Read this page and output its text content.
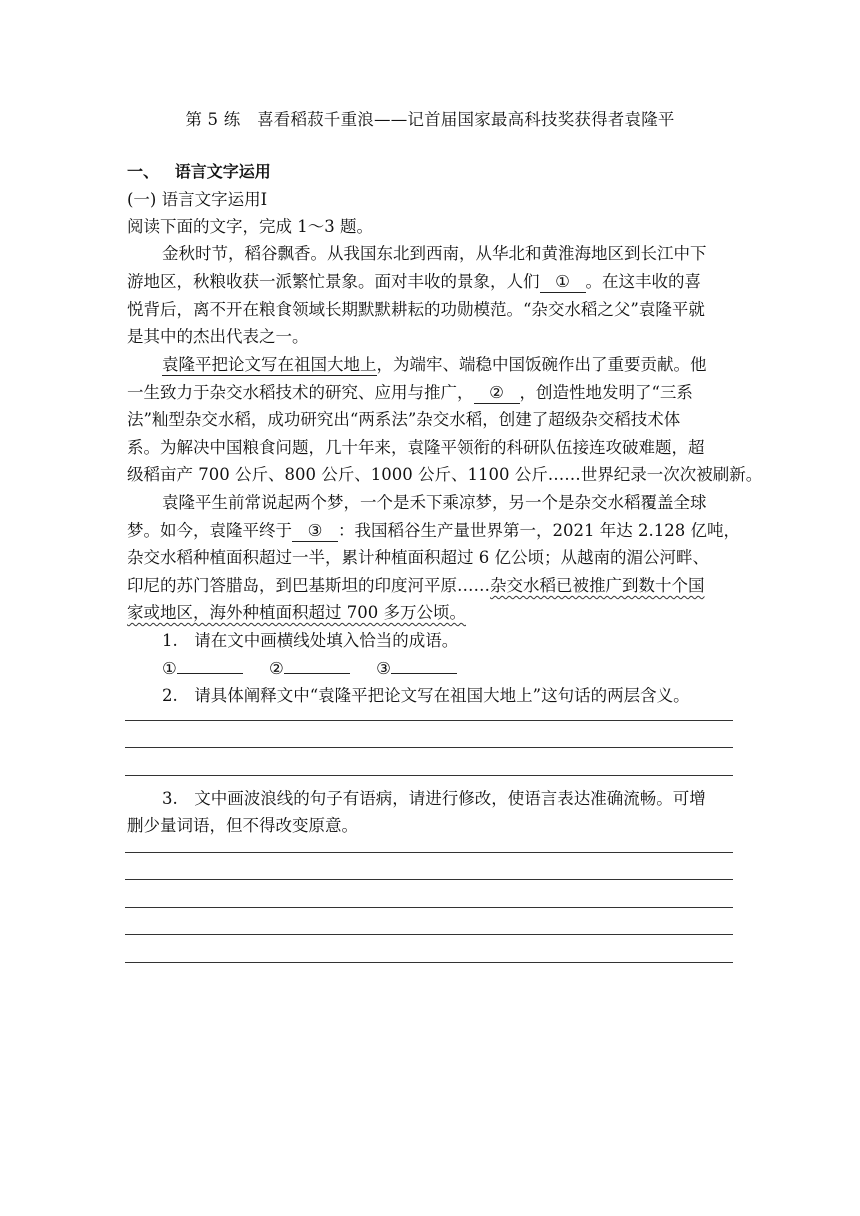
第 5 练　喜看稻菽千重浪——记首届国家最高科技奖获得者袁隆平
一、 语言文字运用
(一) 语言文字运用Ⅰ
阅读下面的文字，完成 1～3 题。
金秋时节，稻谷飘香。从我国东北到西南，从华北和黄淮海地区到长江中下
游地区，秋粮收获一派繁忙景象。面对丰收的景象，人们 ① 。在这丰收的喜
悦背后，离不开在粮食领域长期默默耕耘的功勋模范。“杂交水稻之父”袁隆平就
是其中的杰出代表之一。
袁隆平把论文写在祖国大地上，为端牢、端稳中国饭碗作出了重要贡献。他
一生致力于杂交水稻技术的研究、应用与推广， ② ，创造性地发明了“三系
法”籼型杂交水稻，成功研究出“两系法”杂交水稻，创建了超级杂交稻技术体
系。为解决中国粮食问题，几十年来，袁隆平领衔的科研队伍接连攻破难题，超
级稻亩产 700 公斤、800 公斤、1000 公斤、1100 公斤……世界纪录一次次被刷新。
袁隆平生前常说起两个梦，一个是禾下乘凉梦，另一个是杂交水稻覆盖全球
梦。如今，袁隆平终于 ③ ：我国稻谷生产量世界第一，2021 年达 2.128 亿吨，
杂交水稻种植面积超过一半，累计种植面积超过 6 亿公顷；从越南的湄公河畔、
印尼的苏门答腊岛，到巴基斯坦的印度河平原……杂交水稻已被推广到数十个国
家或地区，海外种植面积超过 700 多万公顷。
1.　请在文中画横线处填入恰当的成语。
①	②	③
2.　请具体阐释文中“袁隆平把论文写在祖国大地上”这句话的两层含义。
3.　文中画波浪线的句子有语病，请进行修改，使语言表达准确流畅。可增
删少量词语，但不得改变原意。
